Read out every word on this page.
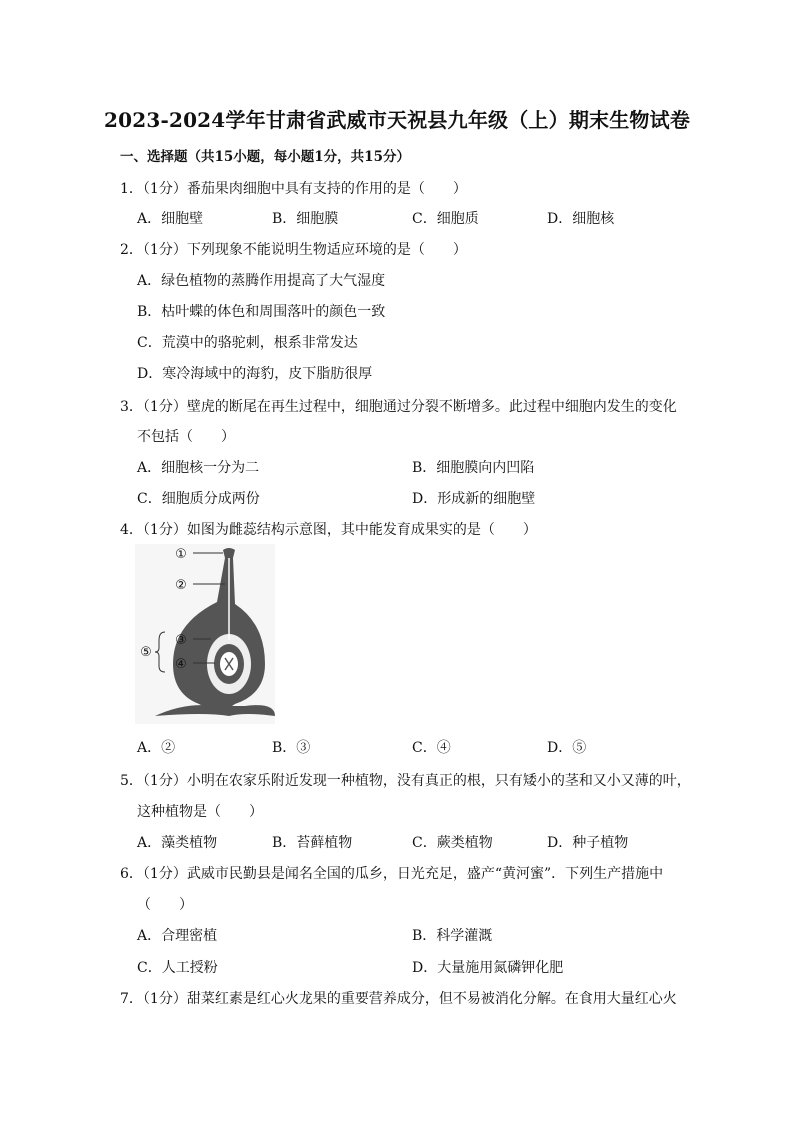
2023-2024学年甘肃省武威市天祝县九年级（上）期末生物试卷
一、选择题（共15小题，每小题1分，共15分）
1．（1分）番茄果肉细胞中具有支持的作用的是（　　）
A．细胞壁	B．细胞膜	C．细胞质	D．细胞核
2．（1分）下列现象不能说明生物适应环境的是（　　）
A．绿色植物的蒸腾作用提高了大气湿度
B．枯叶蝶的体色和周围落叶的颜色一致
C．荒漠中的骆驼刺，根系非常发达
D．寒冷海域中的海豹，皮下脂肪很厚
3．（1分）壁虎的断尾在再生过程中，细胞通过分裂不断增多。此过程中细胞内发生的变化
不包括（　　）
A．细胞核一分为二	B．细胞膜向内凹陷
C．细胞质分成两份	D．形成新的细胞壁
4．（1分）如图为雌蕊结构示意图，其中能发育成果实的是（　　）
①
②
③
④
⑤
A．②	B．③	C．④	D．⑤
5．（1分）小明在农家乐附近发现一种植物，没有真正的根，只有矮小的茎和又小又薄的叶，
这种植物是（　　）
A．藻类植物	B．苔藓植物	C．蕨类植物	D．种子植物
6．（1分）武威市民勤县是闻名全国的瓜乡，日光充足，盛产“黄河蜜”．下列生产措施中
（　　）
A．合理密植	B．科学灌溉
C．人工授粉	D．大量施用氮磷钾化肥
7．（1分）甜菜红素是红心火龙果的重要营养成分，但不易被消化分解。在食用大量红心火
